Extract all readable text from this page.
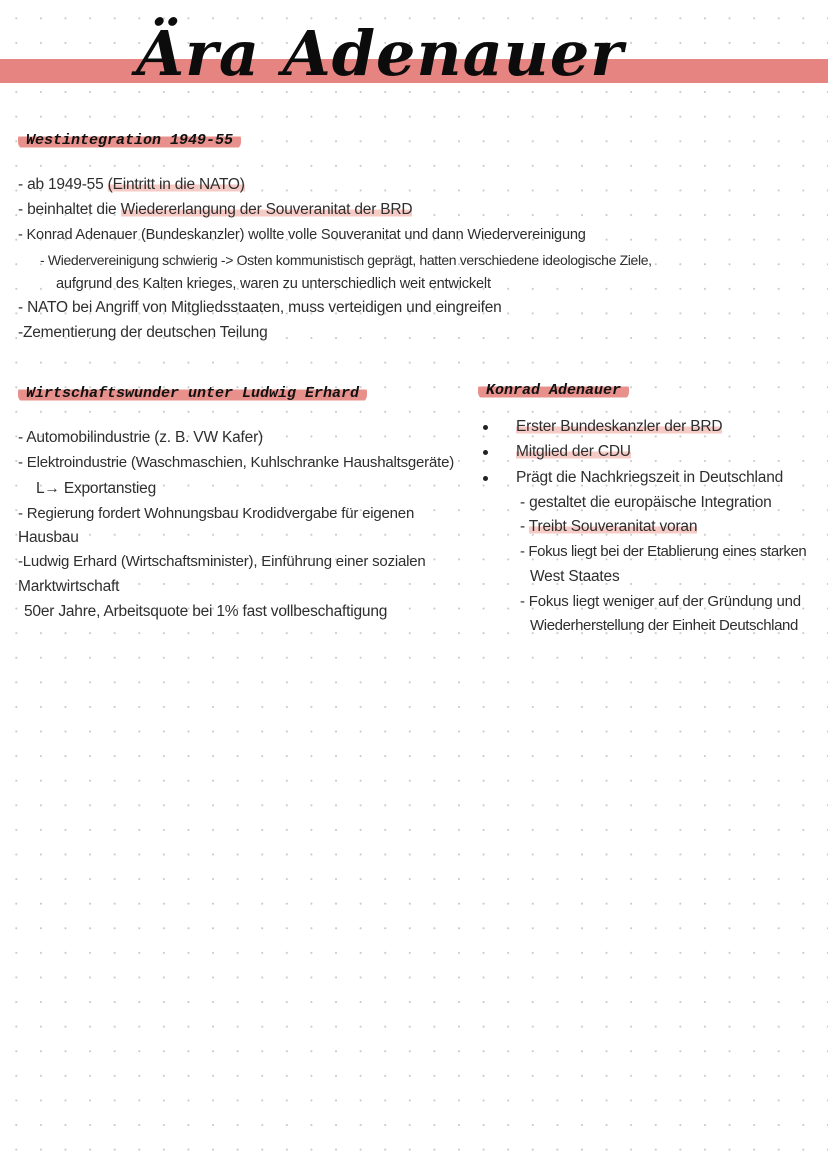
Ära Adenauer
Westintegration 1949-55

- ab 1949-55 (Eintritt in die NATO)

- beinhaltet die Wiedererlangung der Souveranitat der BRD

- Konrad Adenauer (Bundeskanzler) wollte volle Souveranitat und dann Wiedervereinigung

- Wiedervereinigung schwierig -> Osten kommunistisch geprägt, hatten verschiedene ideologische Ziele,

aufgrund des Kalten krieges, waren zu unterschiedlich weit entwickelt

- NATO bei Angriff von Mitgliedsstaaten, muss verteidigen und eingreifen

-Zementierung der deutschen Teilung

Wirtschaftswunder unter Ludwig Erhard

- Automobilindustrie (z. B. VW Kafer)

- Elektroindustrie (Waschmaschien, Kuhlschranke Haushaltsgeräte)

L→ Exportanstieg

- Regierung fordert Wohnungsbau Krodidvergabe für eigenen

Hausbau

-Ludwig Erhard (Wirtschaftsminister), Einführung einer sozialen

Marktwirtschaft

50er Jahre, Arbeitsquote bei 1% fast vollbeschaftigung

Konrad Adenauer

Erster Bundeskanzler der BRD

Mitglied der CDU

Prägt die Nachkriegszeit in Deutschland

- gestaltet die europäische Integration

- Treibt Souveranitat voran

- Fokus liegt bei der Etablierung eines starken

West Staates

- Fokus liegt weniger auf der Gründung und

Wiederherstellung der Einheit Deutschland
